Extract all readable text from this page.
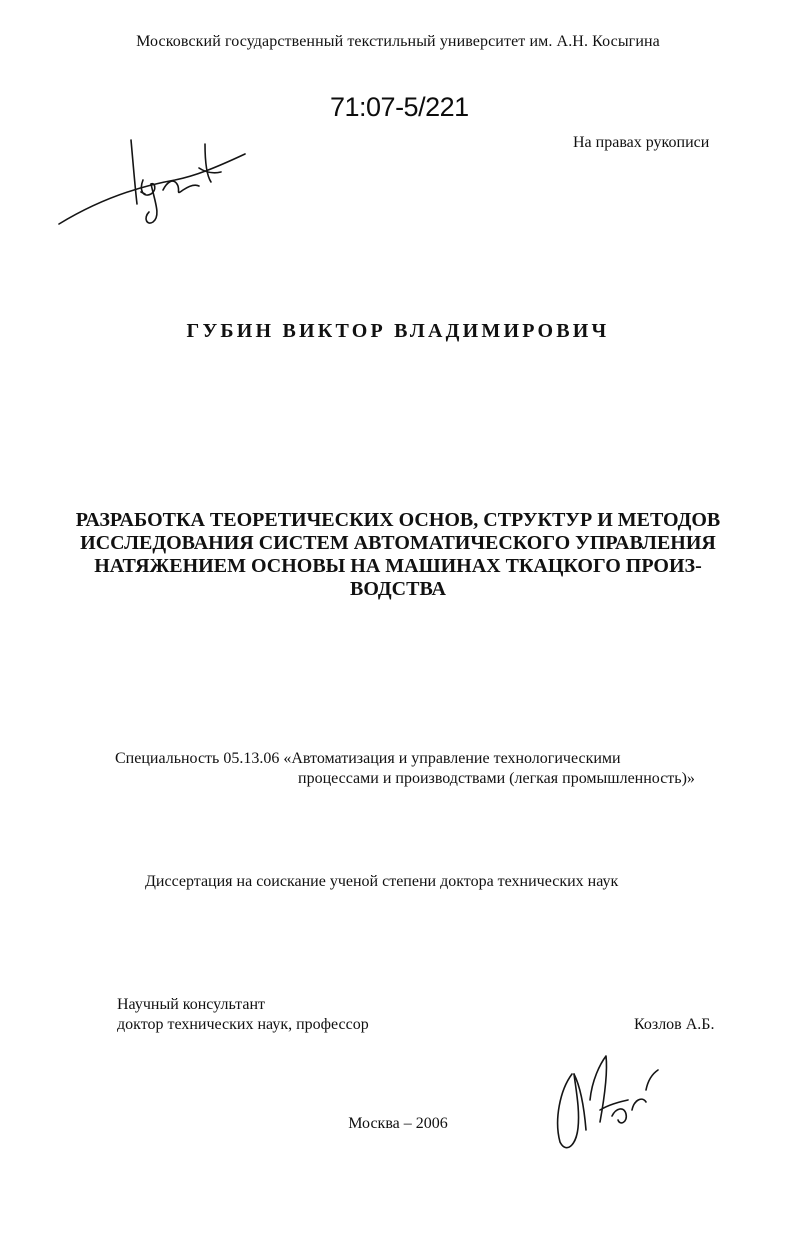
Московский государственный текстильный университет им. А.Н. Косыгина
71:07-5/221
На правах рукописи
ГУБИН ВИКТОР ВЛАДИМИРОВИЧ
РАЗРАБОТКА ТЕОРЕТИЧЕСКИХ ОСНОВ, СТРУКТУР И МЕТОДОВ
ИССЛЕДОВАНИЯ СИСТЕМ АВТОМАТИЧЕСКОГО УПРАВЛЕНИЯ
НАТЯЖЕНИЕМ ОСНОВЫ НА МАШИНАХ ТКАЦКОГО ПРОИЗ-
ВОДСТВА
Специальность 05.13.06 «Автоматизация и управление технологическими
процессами и производствами (легкая промышленность)»
Диссертация на соискание ученой степени доктора технических наук
Научный консультант
доктор технических наук, профессор	Козлов А.Б.
Москва – 2006
